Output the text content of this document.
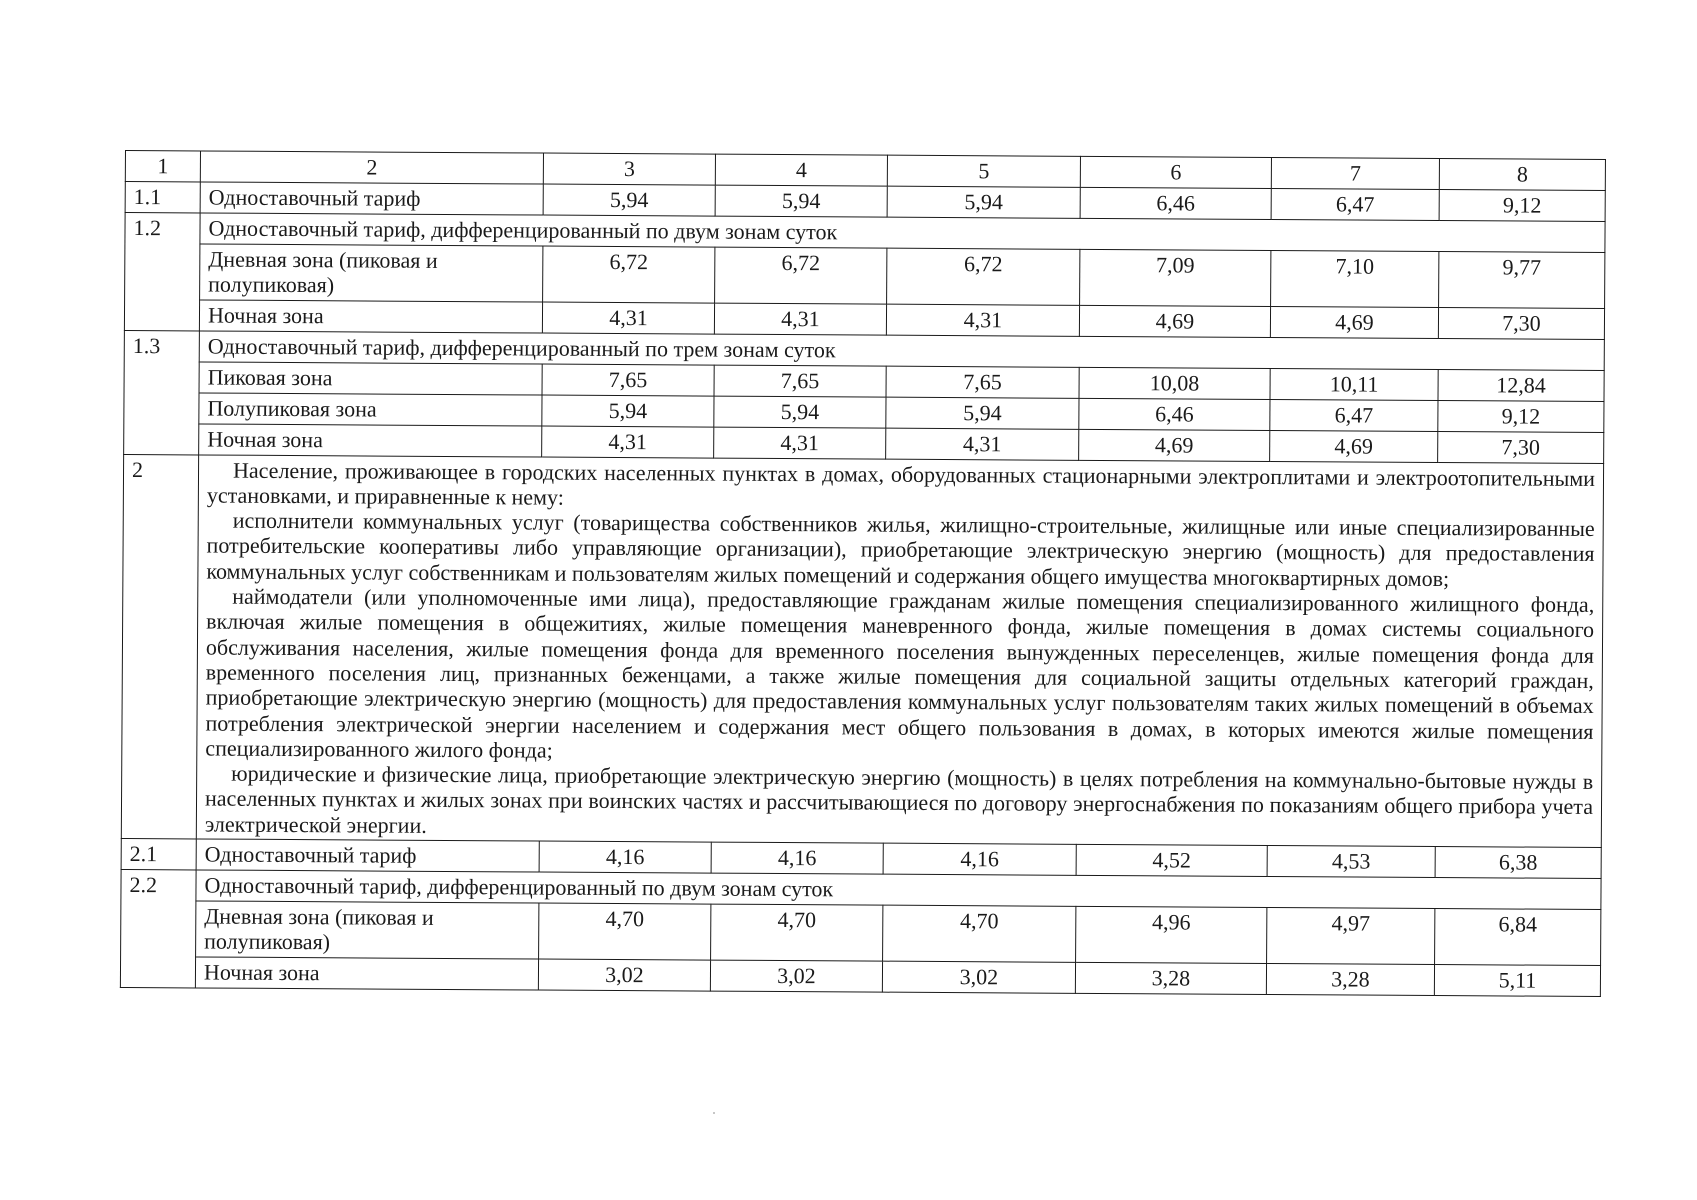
1	2	3	4	5	6	7	8
1.1	Одноставочный тариф	5,94	5,94	5,94	6,46	6,47	9,12
1.2	Одноставочный тариф, дифференцированный по двум зонам суток						
	Дневная зона (пиковая и полупиковая)	6,72	6,72	6,72	7,09	7,10	9,77
	Ночная зона	4,31	4,31	4,31	4,69	4,69	7,30
1.3	Одноставочный тариф, дифференцированный по трем зонам суток						
	Пиковая зона	7,65	7,65	7,65	10,08	10,11	12,84
	Полупиковая зона	5,94	5,94	5,94	6,46	6,47	9,12
	Ночная зона	4,31	4,31	4,31	4,69	4,69	7,30
2	Население, проживающее в городских населенных пунктах в домах, оборудованных стационарными электроплитами и электроотопительными установками, и приравненные к нему:

исполнители коммунальных услуг (товарищества собственников жилья, жилищно-строительные, жилищные или иные специализированные потребительские кооперативы либо управляющие организации), приобретающие электрическую энергию (мощность) для предоставления коммунальных услуг собственникам и пользователям жилых помещений и содержания общего имущества многоквартирных домов;

наймодатели (или уполномоченные ими лица), предоставляющие гражданам жилые помещения специализированного жилищного фонда, включая жилые помещения в общежитиях, жилые помещения маневренного фонда, жилые помещения в домах системы социального обслуживания населения, жилые помещения фонда для временного поселения вынужденных переселенцев, жилые помещения фонда для временного поселения лиц, признанных беженцами, а также жилые помещения для социальной защиты отдельных категорий граждан, приобретающие электрическую энергию (мощность) для предоставления коммунальных услуг пользователям таких жилых помещений в объемах потребления электрической энергии населением и содержания мест общего пользования в домах, в которых имеются жилые помещения специализированного жилого фонда;

юридические и физические лица, приобретающие электрическую энергию (мощность) в целях потребления на коммунально-бытовые нужды в населенных пунктах и жилых зонах при воинских частях и рассчитывающиеся по договору энергоснабжения по показаниям общего прибора учета электрической энергии.						

2.1	Одноставочный тариф	4,16	4,16	4,16	4,52	4,53	6,38
2.2	Одноставочный тариф, дифференцированный по двум зонам суток						
	Дневная зона (пиковая и полупиковая)	4,70	4,70	4,70	4,96	4,97	6,84
	Ночная зона	3,02	3,02	3,02	3,28	3,28	5,11
